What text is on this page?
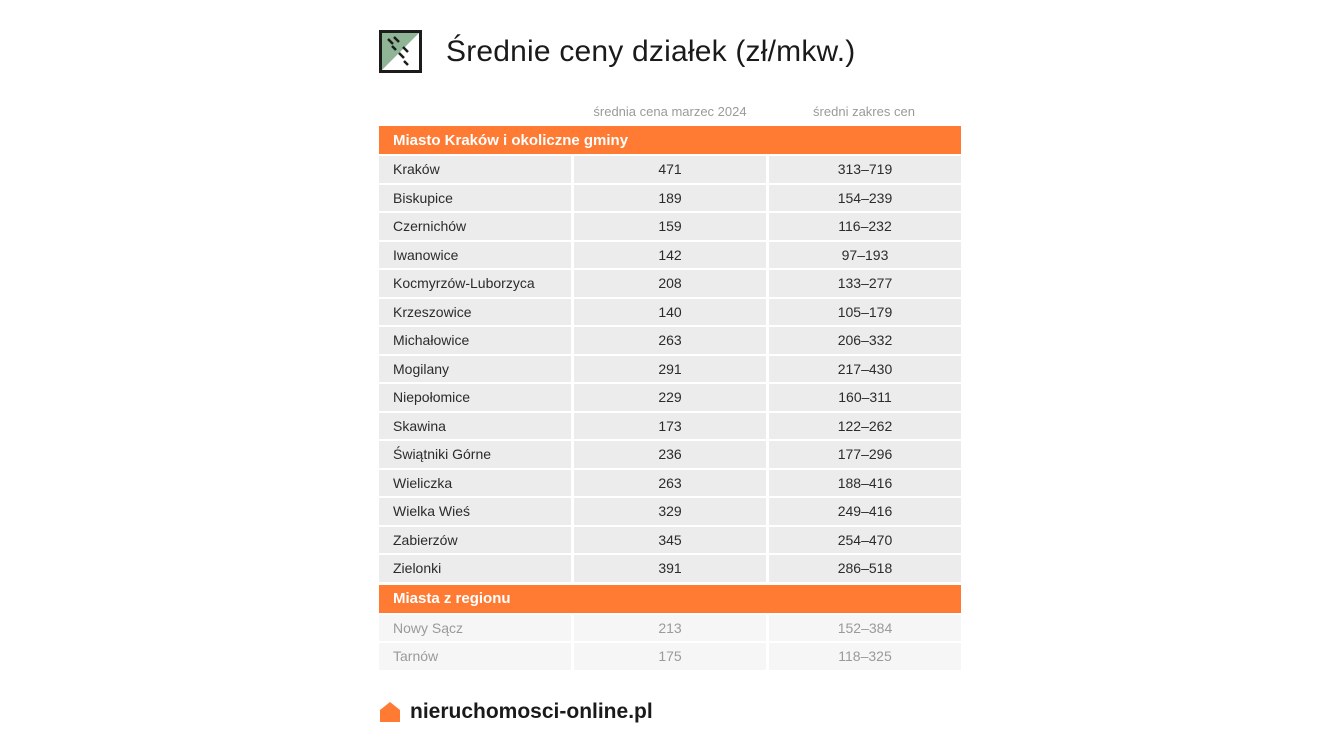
Średnie ceny działek (zł/mkw.)
średnia cena marzec 2024	średni zakres cen
Miasto Kraków i okoliczne gminy
Kraków	471	313–719
Biskupice	189	154–239
Czernichów	159	116–232
Iwanowice	142	97–193
Kocmyrzów-Luborzyca	208	133–277
Krzeszowice	140	105–179
Michałowice	263	206–332
Mogilany	291	217–430
Niepołomice	229	160–311
Skawina	173	122–262
Świątniki Górne	236	177–296
Wieliczka	263	188–416
Wielka Wieś	329	249–416
Zabierzów	345	254–470
Zielonki	391	286–518
Miasta z regionu
Nowy Sącz	213	152–384
Tarnów	175	118–325
nieruchomosci-online.pl
